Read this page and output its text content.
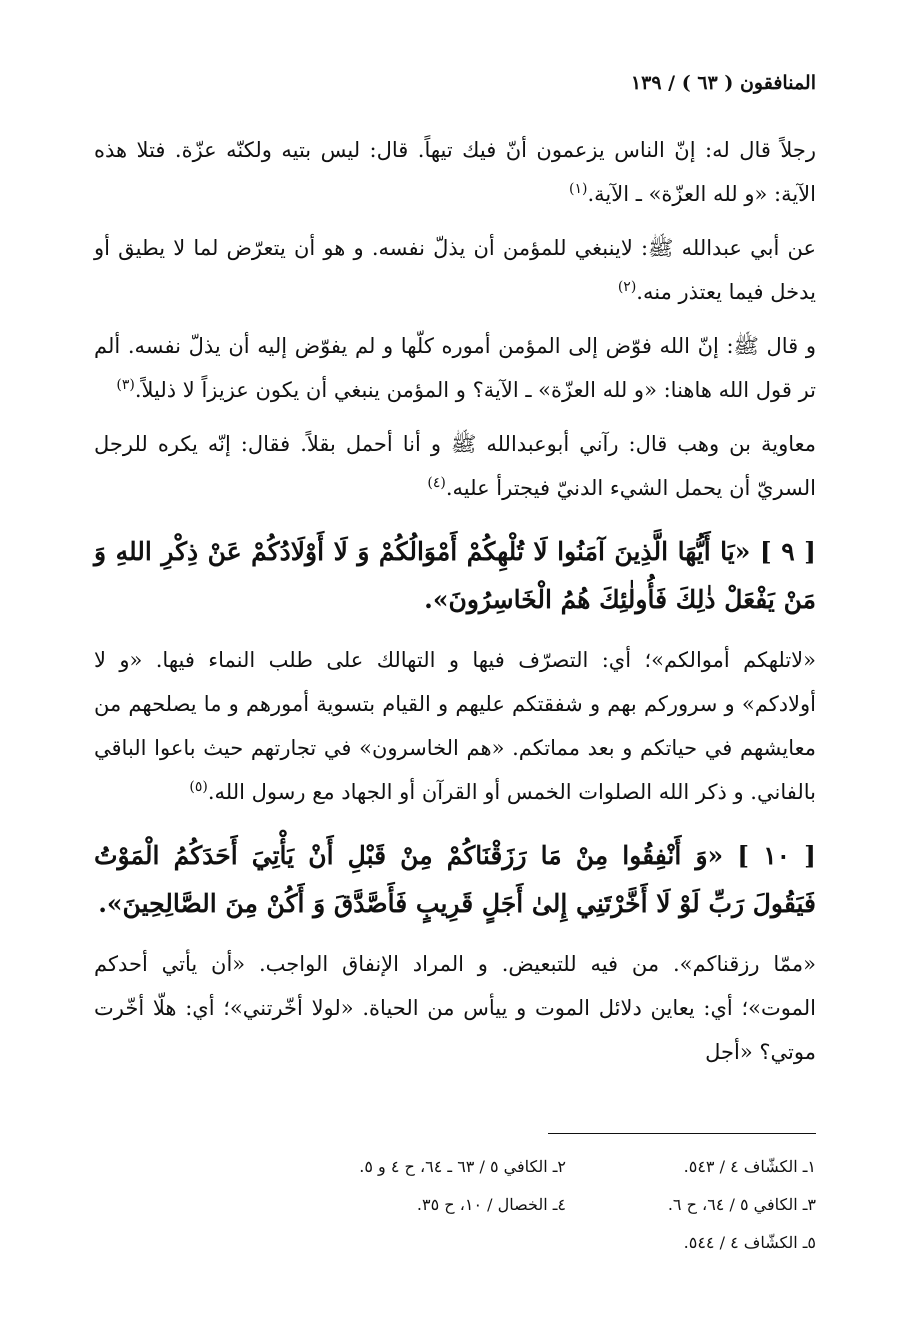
المنافقون ( ٦٣ ) / ١٣٩

رجلاً قال له: إنّ الناس يزعمون أنّ فيك تيهاً. قال: ليس بتيه ولكنّه عزّة. فتلا هذه الآية: «و لله العزّة» ـ الآية.$^{(١)}$

عن أبي عبدالله ﷺ: لاينبغي للمؤمن أن يذلّ نفسه. و هو أن يتعرّض لما لا يطيق أو يدخل فيما يعتذر منه.$^{(٢)}$

و قال ﷺ: إنّ الله فوّض إلى المؤمن أموره كلّها و لم يفوّض إليه أن يذلّ نفسه. ألم تر قول الله هاهنا: «و لله العزّة» ـ الآية؟ و المؤمن ينبغي أن يكون عزيزاً لا ذليلاً.$^{(٣)}$

معاوية بن وهب قال: رآني أبوعبدالله ﷺ و أنا أحمل بقلاً. فقال: إنّه يكره للرجل السريّ أن يحمل الشيء الدنيّ فيجترأ عليه.$^{(٤)}$

[ ٩ ] «يَا أَيُّهَا الَّذِينَ آمَنُوا لَا تُلْهِكُمْ أَمْوَالُكُمْ وَ لَا أَوْلَادُكُمْ عَنْ ذِكْرِ اللهِ وَ مَنْ يَفْعَلْ ذٰلِكَ فَأُولٰئِكَ هُمُ الْخَاسِرُونَ».

«لاتلهكم أموالكم»؛ أي: التصرّف فيها و التهالك على طلب النماء فيها. «و لا أولادكم» و سروركم بهم و شفقتكم عليهم و القيام بتسوية أمورهم و ما يصلحهم من معايشهم في حياتكم و بعد مماتكم. «هم الخاسرون» في تجارتهم حيث باعوا الباقي بالفاني. و ذكر الله الصلوات الخمس أو القرآن أو الجهاد مع رسول الله.$^{(٥)}$

[ ١٠ ] «وَ أَنْفِقُوا مِنْ مَا رَزَقْنَاكُمْ مِنْ قَبْلِ أَنْ يَأْتِيَ أَحَدَكُمُ الْمَوْتُ فَيَقُولَ رَبِّ لَوْ لَا أَخَّرْتَنِي إِلىٰ أَجَلٍ قَرِيبٍ فَأَصَّدَّقَ وَ أَكُنْ مِنَ الصَّالِحِينَ».

«ممّا رزقناكم». من فيه للتبعيض. و المراد الإنفاق الواجب. «أن يأتي أحدكم الموت»؛ أي: يعاين دلائل الموت و ييأس من الحياة. «لولا أخّرتني»؛ أي: هلّا أخّرت موتي؟ «أجل

١ـ الكشّاف ٤ / ٥٤٣.
٢ـ الكافي ٥ / ٦٣ ـ ٦٤، ح ٤ و ٥.
٣ـ الكافي ٥ / ٦٤، ح ٦.
٤ـ الخصال / ١٠، ح ٣٥.
٥ـ الكشّاف ٤ / ٥٤٤.
